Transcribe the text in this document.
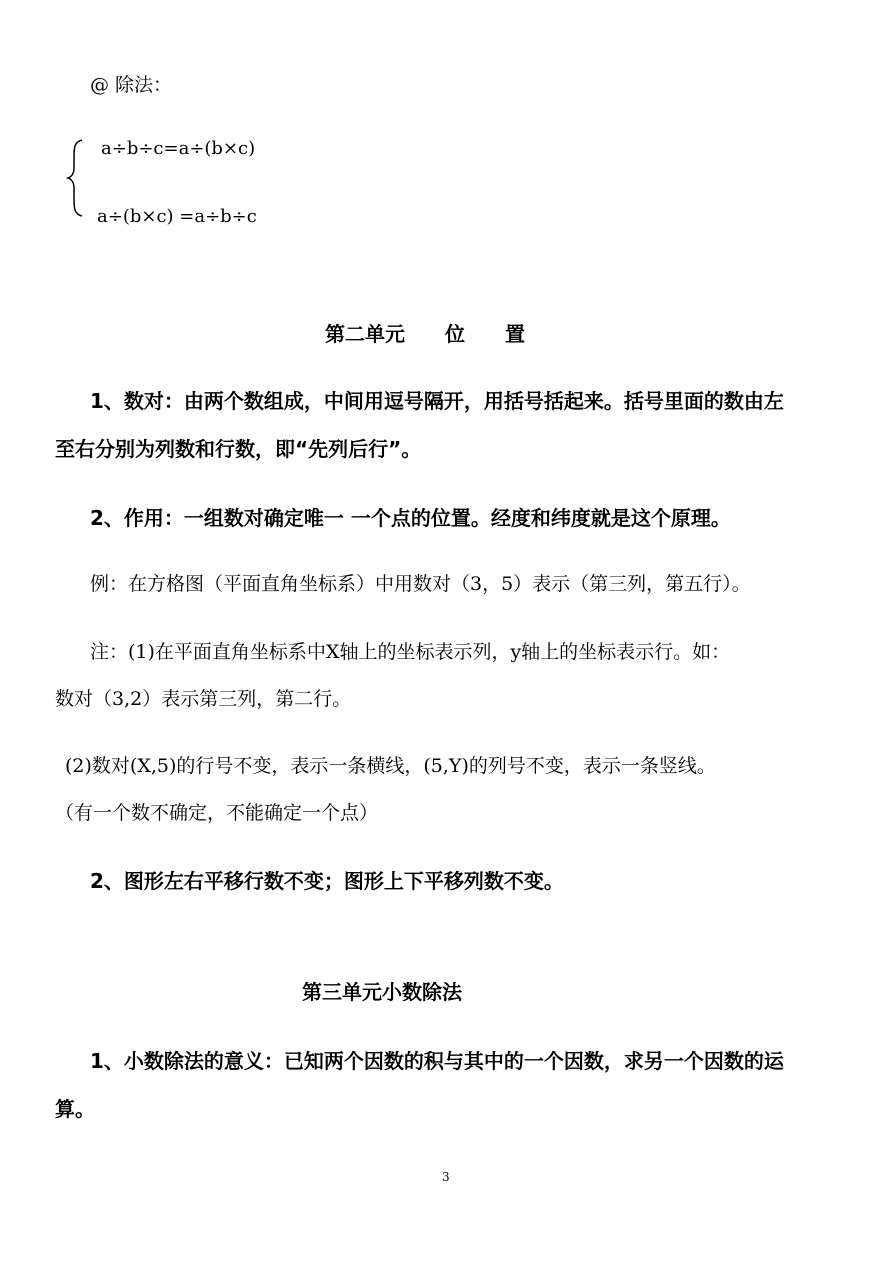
@ 除法：
a÷b÷c=a÷(b×c)
a÷(b×c) =a÷b÷c
第二单元 位 置
1、数对：由两个数组成，中间用逗号隔开，用括号括起来。括号里面的数由左
至右分别为列数和行数，即“先列后行”。
2、作用：一组数对确定唯一 一个点的位置。经度和纬度就是这个原理。
例：在方格图（平面直角坐标系）中用数对（3，5）表示（第三列，第五行）。
注：(1)在平面直角坐标系中X轴上的坐标表示列，y轴上的坐标表示行。如：
数对（3,2）表示第三列，第二行。
(2)数对(X,5)的行号不变，表示一条横线，(5,Y)的列号不变，表示一条竖线。
（有一个数不确定，不能确定一个点）
2、图形左右平移行数不变；图形上下平移列数不变。
第三单元小数除法
1、小数除法的意义：已知两个因数的积与其中的一个因数，求另一个因数的运
算。
3
